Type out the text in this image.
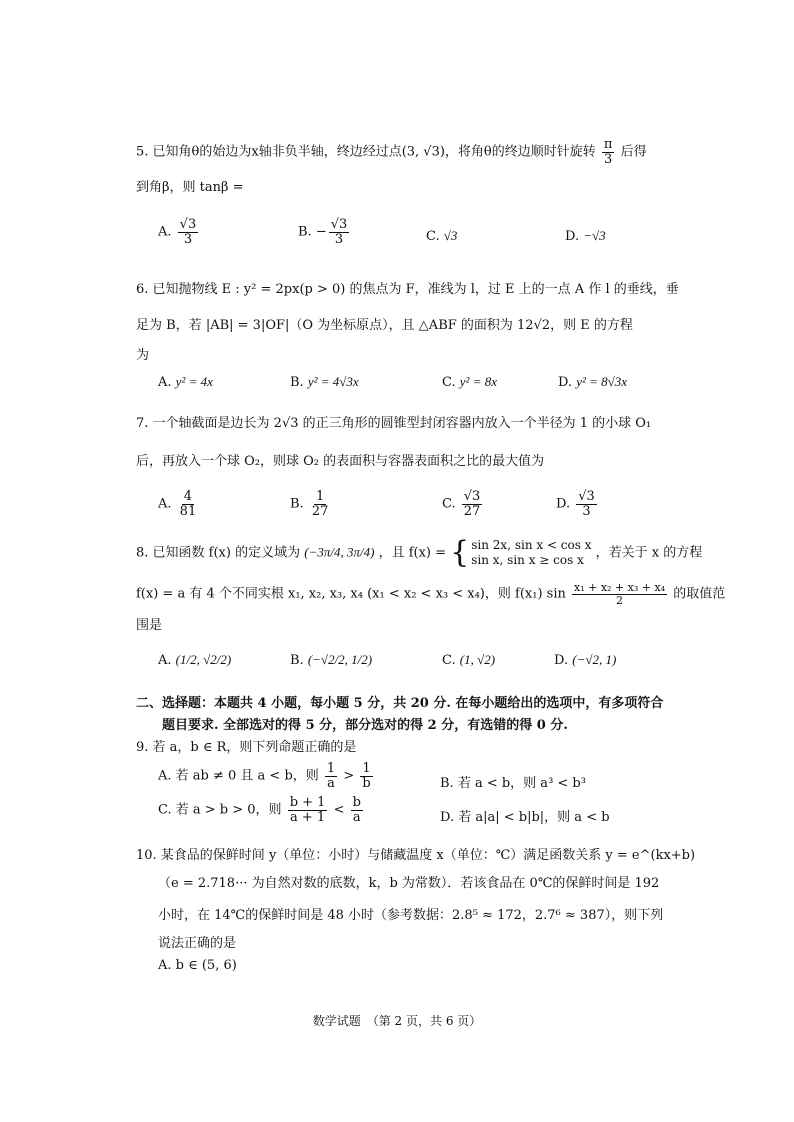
5. 已知角θ的始边为x轴非负半轴，终边经过点(3, √3)，将角θ的终边顺时针旋转 $\frac{\pi}{3}$ 后得
到角β，则 tanβ =
A. $\frac{√3}{3}$	B. − $\frac{√3}{3}$	C. √3	D. −√3
6. 已知抛物线 E : y² = 2px(p > 0) 的焦点为 F，准线为 l，过 E 上的一点 A 作 l 的垂线，垂
足为 B，若 |AB| = 3|OF|（O 为坐标原点），且 △ABF 的面积为 12√2，则 E 的方程
为
A. y² = 4x	B. y² = 4√3x	C. y² = 8x	D. y² = 8√3x
7. 一个轴截面是边长为 2√3 的正三角形的圆锥型封闭容器内放入一个半径为 1 的小球 O₁
后，再放入一个球 O₂，则球 O₂ 的表面积与容器表面积之比的最大值为
A. $\frac{4}{81}$	B. $\frac{1}{27}$	C. $\frac{√3}{27}$	D. $\frac{√3}{3}$
8. 已知函数 f(x) 的定义域为 (−3π/4, 3π/4) ，且 f(x) = { sin 2x, sin x < cos x
sin x, sin x ≥ cos x ，若关于 x 的方程
f(x) = a 有 4 个不同实根 x₁, x₂, x₃, x₄ (x₁ < x₂ < x₃ < x₄)，则 f(x₁) $\sin \frac{\text{x₁ + x₂ + x₃ + x₄}}{2}$ 的取值范
围是
A. (1/2, √2/2)	B. (−√2/2, 1/2)	C. (1, √2)	D. (−√2, 1)
二、选择题：本题共 4 小题，每小题 5 分，共 20 分. 在每小题给出的选项中，有多项符合
题目要求. 全部选对的得 5 分，部分选对的得 2 分，有选错的得 0 分.
9. 若 a，b ∈ R，则下列命题正确的是
A. 若 ab ≠ 0 且 a < b，则 $\frac{1}{a} > \frac{1}{b}$	B. 若 a < b，则 a³ < b³
C. 若 a > b > 0，则 $\frac{b + 1}{a + 1} < \frac{b}{a}$	D. 若 a|a| < b|b|，则 a < b
10. 某食品的保鲜时间 y（单位：小时）与储藏温度 x（单位：℃）满足函数关系 y = e^(kx+b)
（e = 2.718··· 为自然对数的底数，k，b 为常数）．若该食品在 0℃的保鲜时间是 192
小时，在 14℃的保鲜时间是 48 小时（参考数据：2.8⁵ ≈ 172，2.7⁶ ≈ 387），则下列
说法正确的是
A. b ∈ (5, 6)
数学试题　（第 2 页，共 6 页）
